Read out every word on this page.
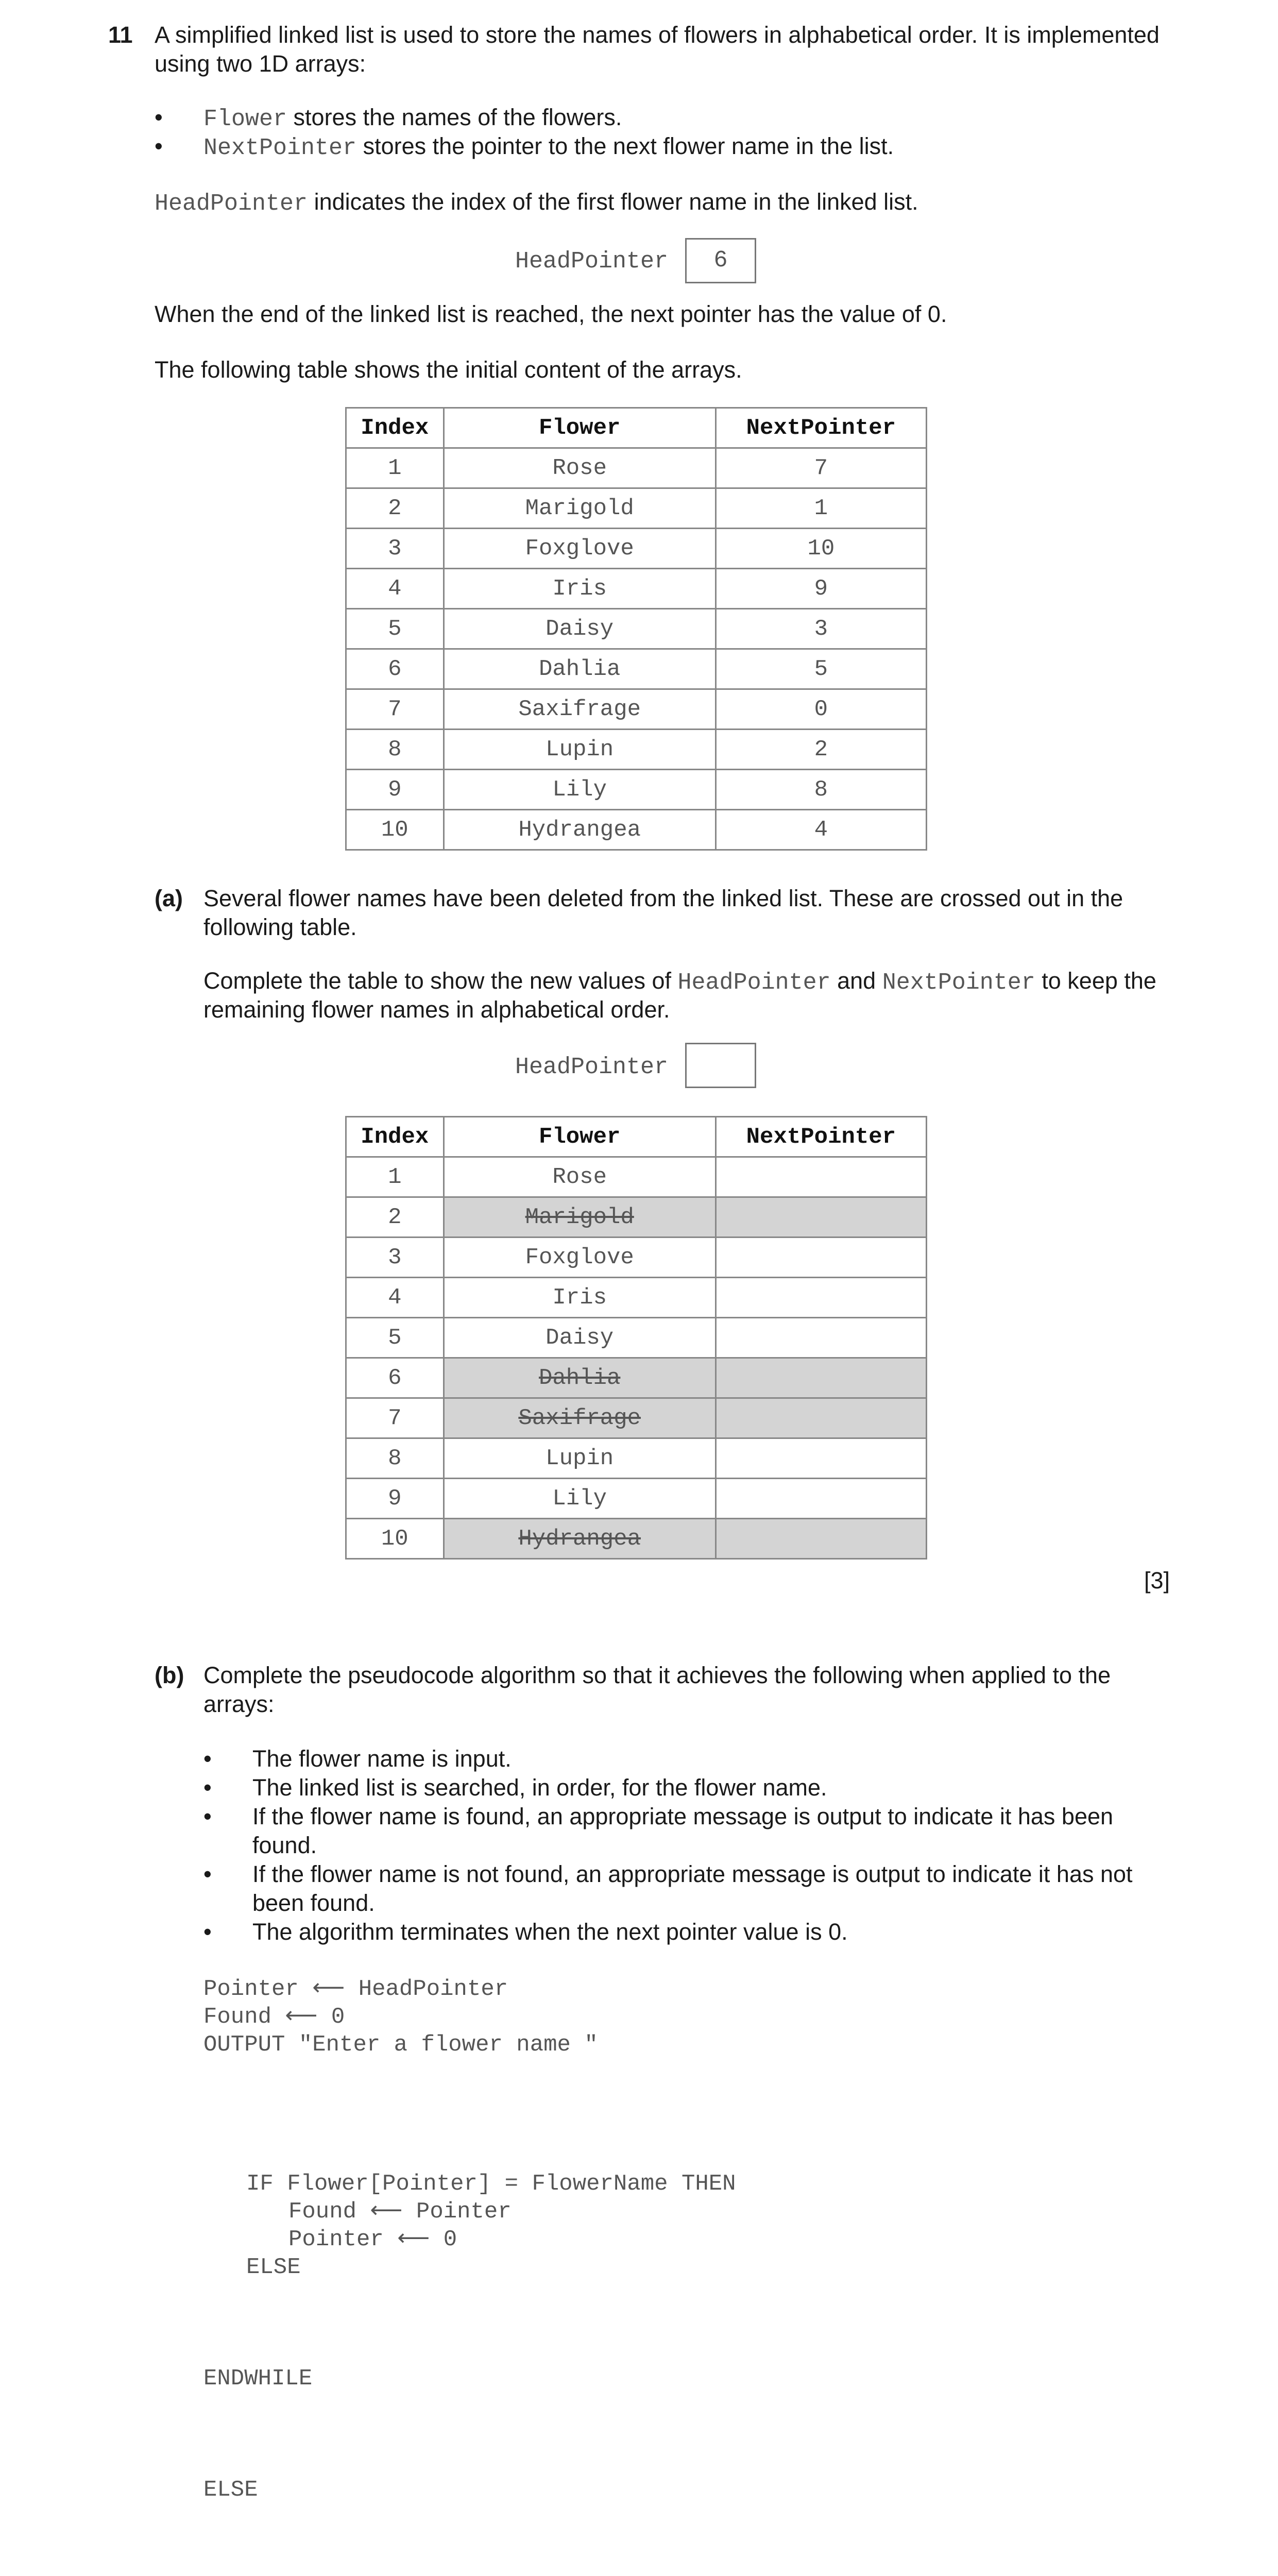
11 A simplified linked list is used to store the names of flowers in alphabetical order. It is implemented
using two 1D arrays:
• Flower stores the names of the flowers.
• NextPointer stores the pointer to the next flower name in the list.
HeadPointer indicates the index of the first flower name in the linked list.
HeadPointer	6
When the end of the linked list is reached, the next pointer has the value of 0.
The following table shows the initial content of the arrays.
Index	Flower	NextPointer
1	Rose	7
2	Marigold	1
3	Foxglove	10
4	Iris	9
5	Daisy	3
6	Dahlia	5
7	Saxifrage	0
8	Lupin	2
9	Lily	8
10	Hydrangea	4
(a) Several flower names have been deleted from the linked list. These are crossed out in the
following table.
Complete the table to show the new values of HeadPointer and NextPointer to keep the
remaining flower names in alphabetical order.
HeadPointer
Index	Flower	NextPointer
1	Rose	
2	Marigold	
3	Foxglove	
4	Iris	
5	Daisy	
6	Dahlia	
7	Saxifrage	
8	Lupin	
9	Lily	
10	Hydrangea	
[3]
(b) Complete the pseudocode algorithm so that it achieves the following when applied to the
arrays:
• The flower name is input.
• The linked list is searched, in order, for the flower name.
• If the flower name is found, an appropriate message is output to indicate it has been
found.
• If the flower name is not found, an appropriate message is output to indicate it has not
been found.
• The algorithm terminates when the next pointer value is 0.
Pointer ⟵ HeadPointer
Found ⟵ 0
OUTPUT "Enter a flower name "
IF Flower[Pointer] = FlowerName THEN
Found ⟵ Pointer
Pointer ⟵ 0
ELSE
ENDWHILE
ELSE
